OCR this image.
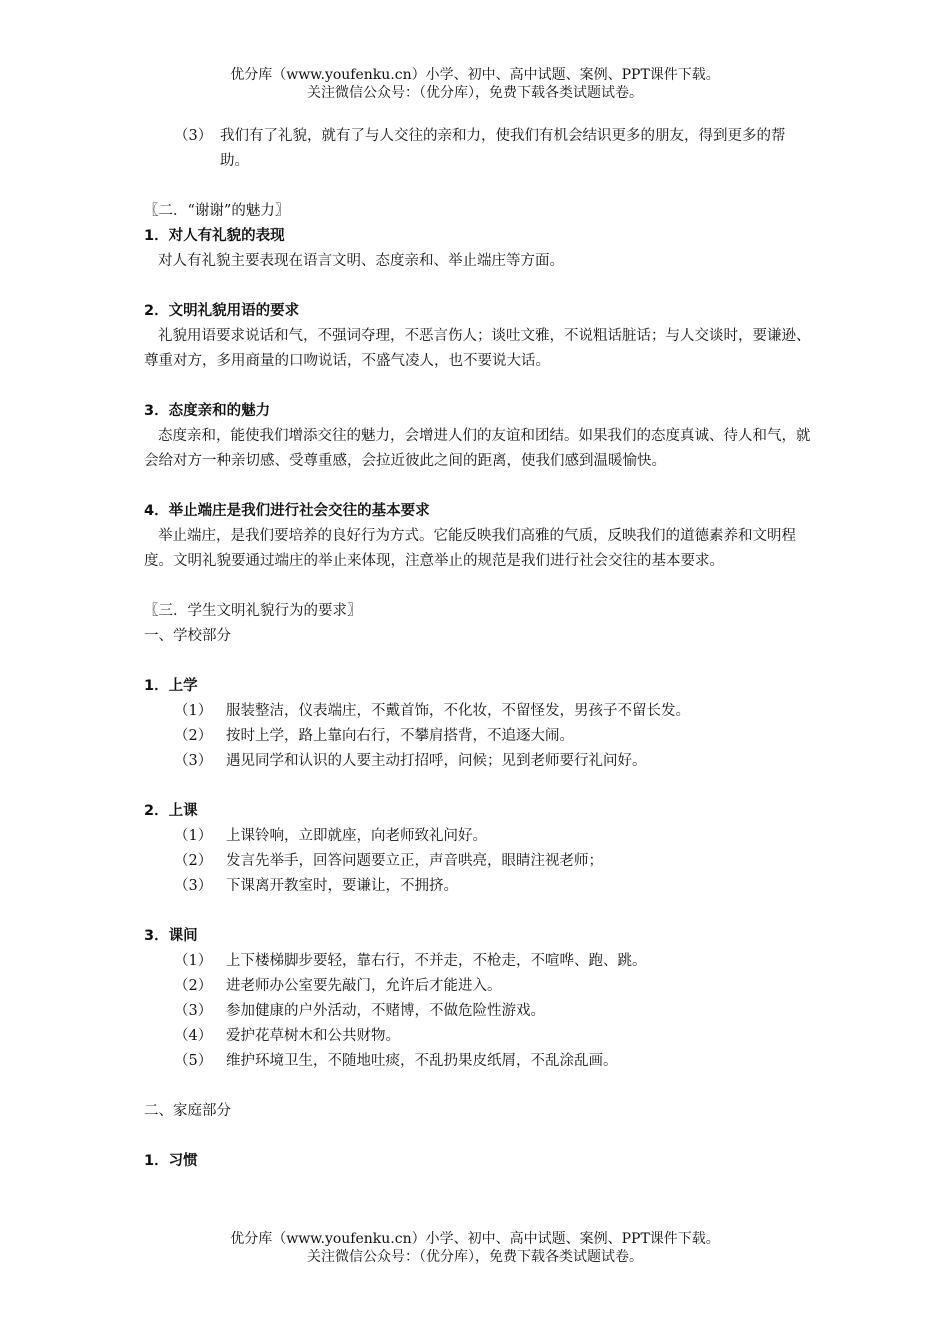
优分库（www.youfenku.cn）小学、初中、高中试题、案例、PPT课件下载。
关注微信公众号：（优分库），免费下载各类试题试卷。
（3） 我们有了礼貌，就有了与人交往的亲和力，使我们有机会结识更多的朋友，得到更多的帮助。

〖二．“谢谢”的魅力〗

1．对人有礼貌的表现

对人有礼貌主要表现在语言文明、态度亲和、举止端庄等方面。

2．文明礼貌用语的要求

礼貌用语要求说话和气，不强词夺理，不恶言伤人；谈吐文雅，不说粗话脏话；与人交谈时，要谦逊、尊重对方，多用商量的口吻说话，不盛气凌人，也不要说大话。

3．态度亲和的魅力

态度亲和，能使我们增添交往的魅力，会增进人们的友谊和团结。如果我们的态度真诚、待人和气，就会给对方一种亲切感、受尊重感，会拉近彼此之间的距离，使我们感到温暖愉快。

4．举止端庄是我们进行社会交往的基本要求

举止端庄，是我们要培养的良好行为方式。它能反映我们高雅的气质，反映我们的道德素养和文明程度。文明礼貌要通过端庄的举止来体现，注意举止的规范是我们进行社会交往的基本要求。

〖三．学生文明礼貌行为的要求〗

一、学校部分

1．上学

（1） 服装整洁，仪表端庄，不戴首饰，不化妆，不留怪发，男孩子不留长发。
（2） 按时上学，路上靠向右行，不攀肩搭背，不追逐大闹。
（3） 遇见同学和认识的人要主动打招呼，问候；见到老师要行礼问好。

2．上课

（1） 上课铃响，立即就座，向老师致礼问好。
（2） 发言先举手，回答问题要立正，声音哄亮，眼睛注视老师；
（3） 下课离开教室时，要谦让，不拥挤。

3．课间

（1） 上下楼梯脚步要轻，靠右行，不并走，不枪走，不喧哗、跑、跳。
（2） 进老师办公室要先敲门，允许后才能进入。
（3） 参加健康的户外活动，不赌博，不做危险性游戏。
（4） 爱护花草树木和公共财物。
（5） 维护环境卫生，不随地吐痰，不乱扔果皮纸屑，不乱涂乱画。

二、家庭部分

1．习惯

优分库（www.youfenku.cn）小学、初中、高中试题、案例、PPT课件下载。
关注微信公众号：（优分库），免费下载各类试题试卷。
